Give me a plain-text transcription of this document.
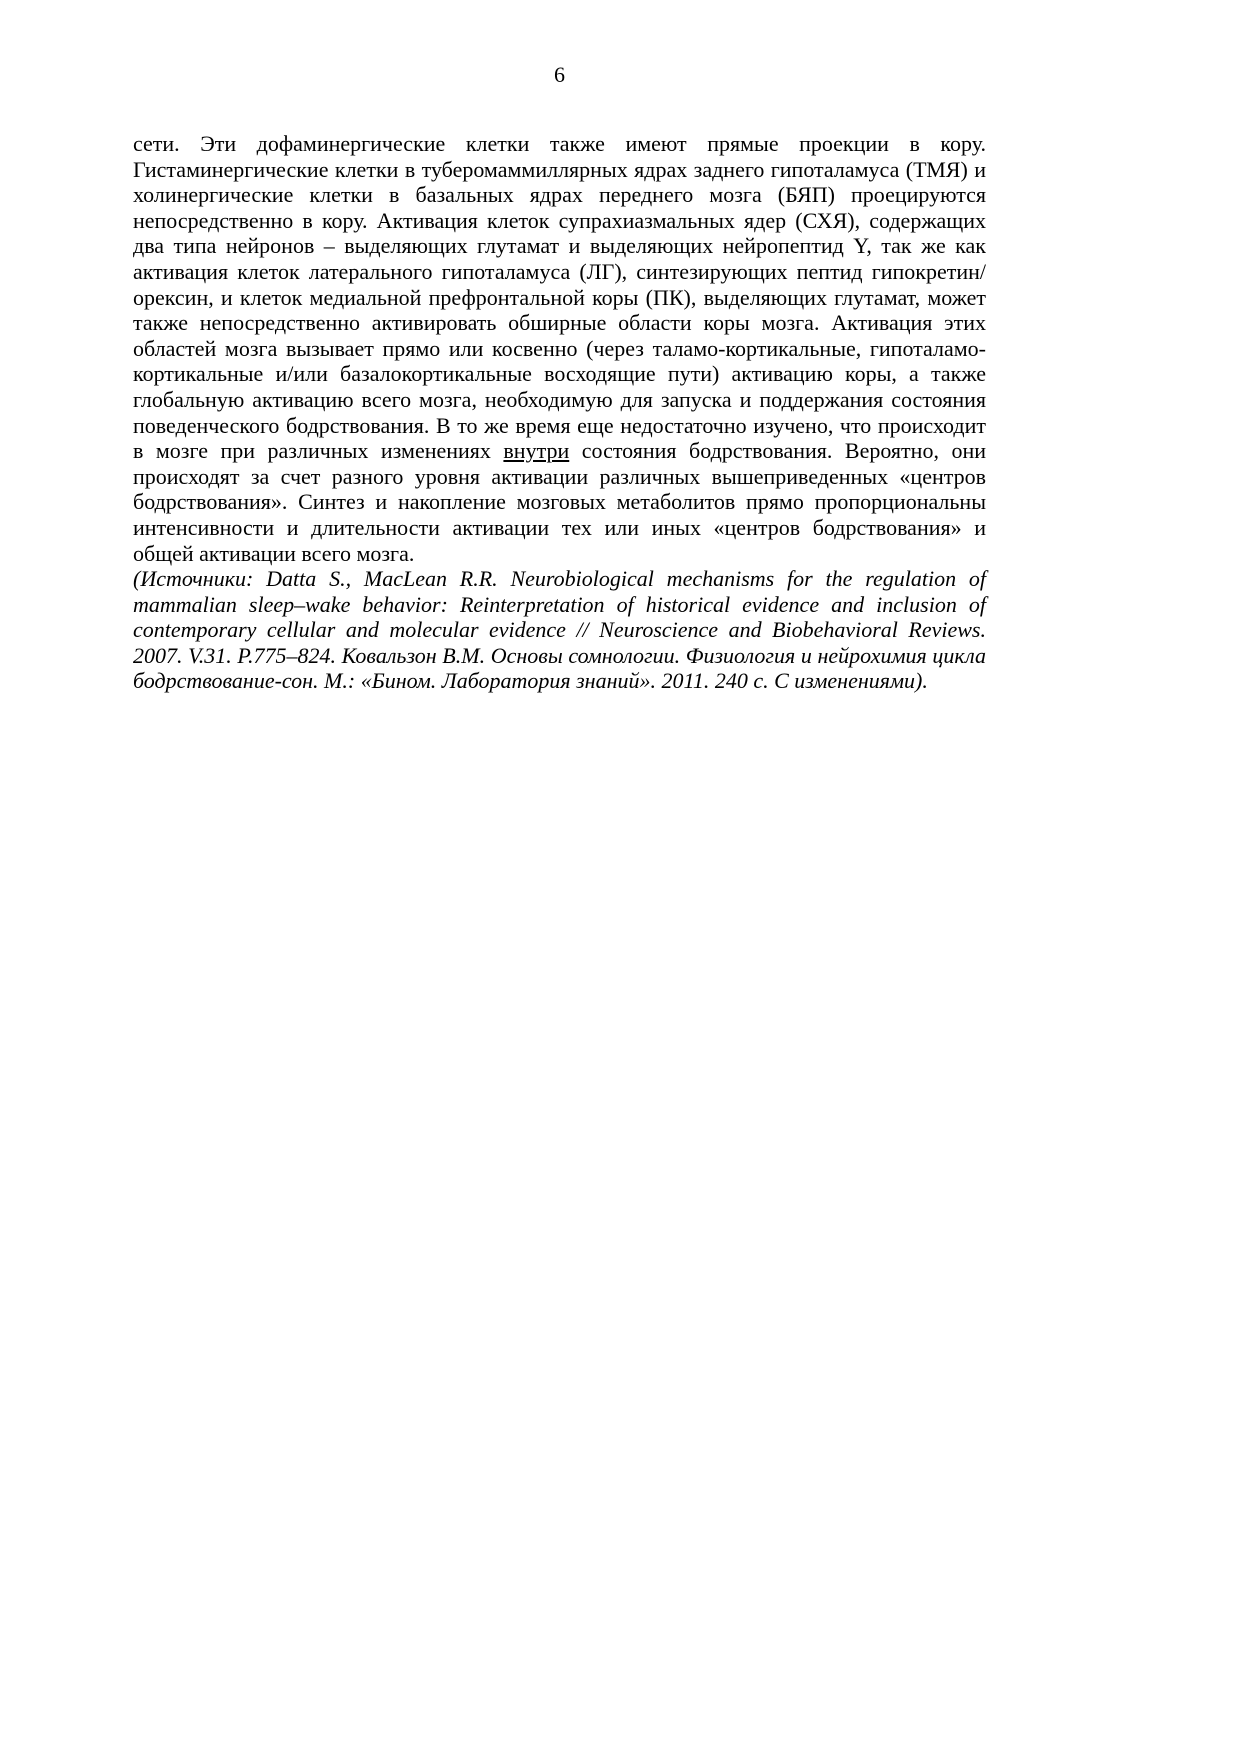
6

сети. Эти дофаминергические клетки также имеют прямые проекции в кору. Гистаминергические клетки в туберомаммиллярных ядрах заднего гипоталамуса (ТМЯ) и холинергические клетки в базальных ядрах переднего мозга (БЯП) проецируются непосредственно в кору. Активация клеток супрахиазмальных ядер (СХЯ), содержащих два типа нейронов – выделяющих глутамат и выделяющих нейропептид Y, так же как активация клеток латерального гипоталамуса (ЛГ), синтезирующих пептид гипокретин/орексин, и клеток медиальной префронтальной коры (ПК), выделяющих глутамат, может также непосредственно активировать обширные области коры мозга. Активация этих областей мозга вызывает прямо или косвенно (через таламо-кортикальные, гипоталамо-кортикальные и/или базалокортикальные восходящие пути) активацию коры, а также глобальную активацию всего мозга, необходимую для запуска и поддержания состояния поведенческого бодрствования. В то же время еще недостаточно изучено, что происходит в мозге при различных изменениях внутри состояния бодрствования. Вероятно, они происходят за счет разного уровня активации различных вышеприведенных «центров бодрствования». Синтез и накопление мозговых метаболитов прямо пропорциональны интенсивности и длительности активации тех или иных «центров бодрствования» и общей активации всего мозга.

(Источники: Datta S., MacLean R.R. Neurobiological mechanisms for the regulation of mammalian sleep–wake behavior: Reinterpretation of historical evidence and inclusion of contemporary cellular and molecular evidence // Neuroscience and Biobehavioral Reviews. 2007. V.31. P.775–824. Ковальзон В.М. Основы сомнологии. Физиология и нейрохимия цикла бодрствование-сон. М.: «Бином. Лаборатория знаний». 2011. 240 с. С изменениями).
